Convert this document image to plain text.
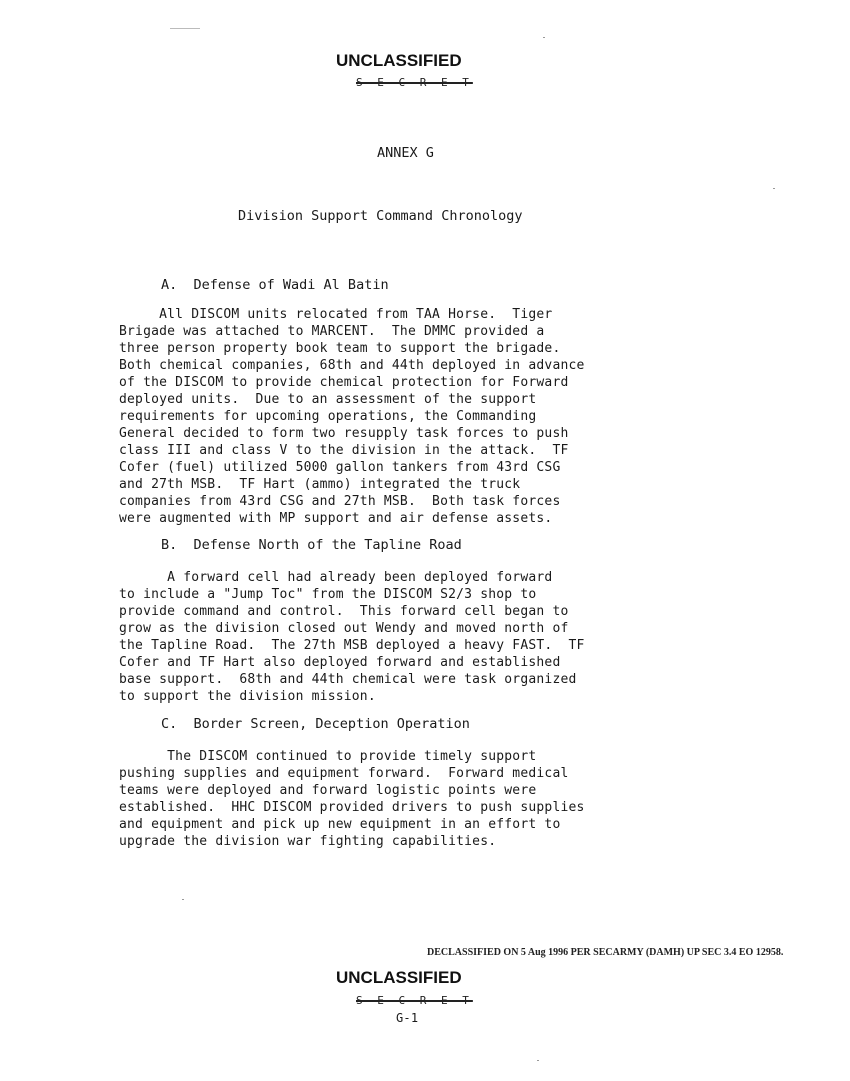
UNCLASSIFIED
S E C R E T
ANNEX G
Division Support Command Chronology
A.  Defense of Wadi Al Batin
All DISCOM units relocated from TAA Horse.  Tiger
Brigade was attached to MARCENT.  The DMMC provided a
three person property book team to support the brigade.
Both chemical companies, 68th and 44th deployed in advance
of the DISCOM to provide chemical protection for Forward
deployed units.  Due to an assessment of the support
requirements for upcoming operations, the Commanding
General decided to form two resupply task forces to push
class III and class V to the division in the attack.  TF
Cofer (fuel) utilized 5000 gallon tankers from 43rd CSG
and 27th MSB.  TF Hart (ammo) integrated the truck
companies from 43rd CSG and 27th MSB.  Both task forces
were augmented with MP support and air defense assets.
B.  Defense North of the Tapline Road
A forward cell had already been deployed forward
to include a "Jump Toc" from the DISCOM S2/3 shop to
provide command and control.  This forward cell began to
grow as the division closed out Wendy and moved north of
the Tapline Road.  The 27th MSB deployed a heavy FAST.  TF
Cofer and TF Hart also deployed forward and established
base support.  68th and 44th chemical were task organized
to support the division mission.
C.  Border Screen, Deception Operation
The DISCOM continued to provide timely support
pushing supplies and equipment forward.  Forward medical
teams were deployed and forward logistic points were
established.  HHC DISCOM provided drivers to push supplies
and equipment and pick up new equipment in an effort to
upgrade the division war fighting capabilities.
DECLASSIFIED ON 5 Aug 1996 PER SECARMY (DAMH) UP SEC 3.4 EO 12958.
UNCLASSIFIED
S E C R E T
G-1
